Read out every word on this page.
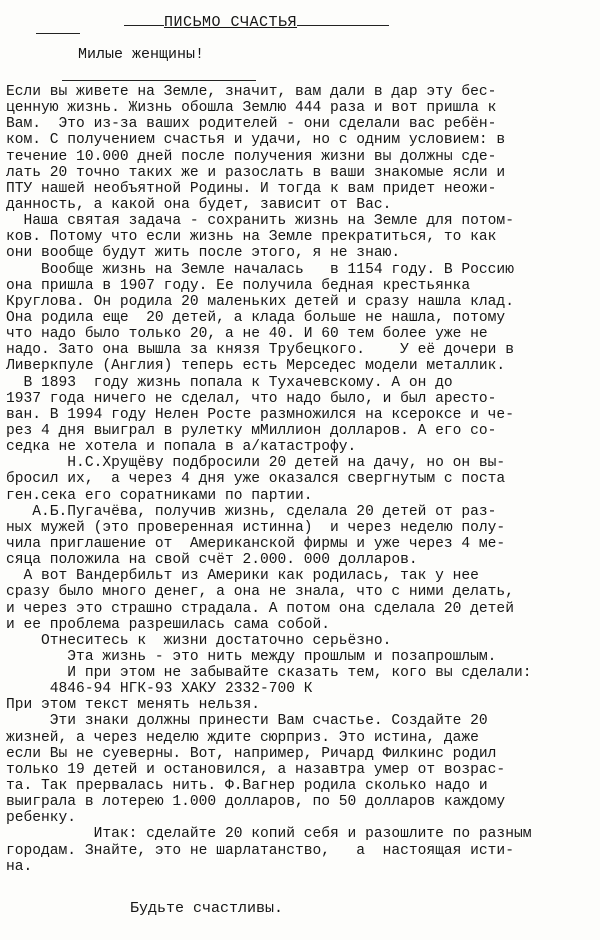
ПИСЬМО СЧАСТЬЯ
Милые женщины!
Если вы живете на Земле, значит, вам дали в дар эту бес-
ценную жизнь. Жизнь обошла Землю 444 раза и вот пришла к
Вам.  Это из-за ваших родителей - они сделали вас ребён-
ком. С получением счастья и удачи, но с одним условием: в
течение 10.000 дней после получения жизни вы должны сде-
лать 20 точно таких же и разослать в ваши знакомые ясли и
ПТУ нашей необъятной Родины. И тогда к вам придет неожи-
данность, а какой она будет, зависит от Вас.
Наша святая задача - сохранить жизнь на Земле для потом-
ков. Потому что если жизнь на Земле прекратиться, то как
они вообще будут жить после этого, я не знаю.
Вообще жизнь на Земле началась   в 1154 году. В Россию
она пришла в 1907 году. Ее получила бедная крестьянка
Круглова. Он родила 20 маленьких детей и сразу нашла клад.
Она родила еще  20 детей, а клада больше не нашла, потому
что надо было только 20, а не 40. И 60 тем более уже не
надо. Зато она вышла за князя Трубецкого.    У её дочери в
Ливеркпуле (Англия) теперь есть Мерседес модели металлик.
В 1893  году жизнь попала к Тухачевскому. А он до
1937 года ничего не сделал, что надо было, и был аресто-
ван. В 1994 году Нелен Росте размножился на ксероксе и че-
рез 4 дня выиграл в рулетку мМиллион долларов. А его со-
седка не хотела и попала в а/катастрофу.
Н.С.Хрущёву подбросили 20 детей на дачу, но он вы-
бросил их,  а через 4 дня уже оказался свергнутым с поста
ген.сека его соратниками по партии.
А.Б.Пугачёва, получив жизнь, сделала 20 детей от раз-
ных мужей (это проверенная истинна)  и через неделю полу-
чила приглашение от  Американской фирмы и уже через 4 ме-
сяца положила на свой счёт 2.000. 000 долларов.
А вот Вандербильт из Америки как родилась, так у нее
сразу было много денег, а она не знала, что с ними делать,
и через это страшно страдала. А потом она сделала 20 детей
и ее проблема разрешилась сама собой.
Отнеситесь к  жизни достаточно серьёзно.
Эта жизнь - это нить между прошлым и позапрошлым.
И при этом не забывайте сказать тем, кого вы сделали:
4846-94 НГК-93 ХАКУ 2332-700 К
При этом текст менять нельзя.
Эти знаки должны принести Вам счастье. Создайте 20
жизней, а через неделю ждите сюрприз. Это истина, даже
если Вы не суеверны. Вот, например, Ричард Филкинс родил
только 19 детей и остановился, а назавтра умер от возрас-
та. Так прервалась нить. Ф.Вагнер родила сколько надо и
выиграла в лотерею 1.000 долларов, по 50 долларов каждому
ребенку.
Итак: сделайте 20 копий себя и разошлите по разным
городам. Знайте, это не шарлатанство,   а  настоящая исти-
на.
Будьте счастливы.
